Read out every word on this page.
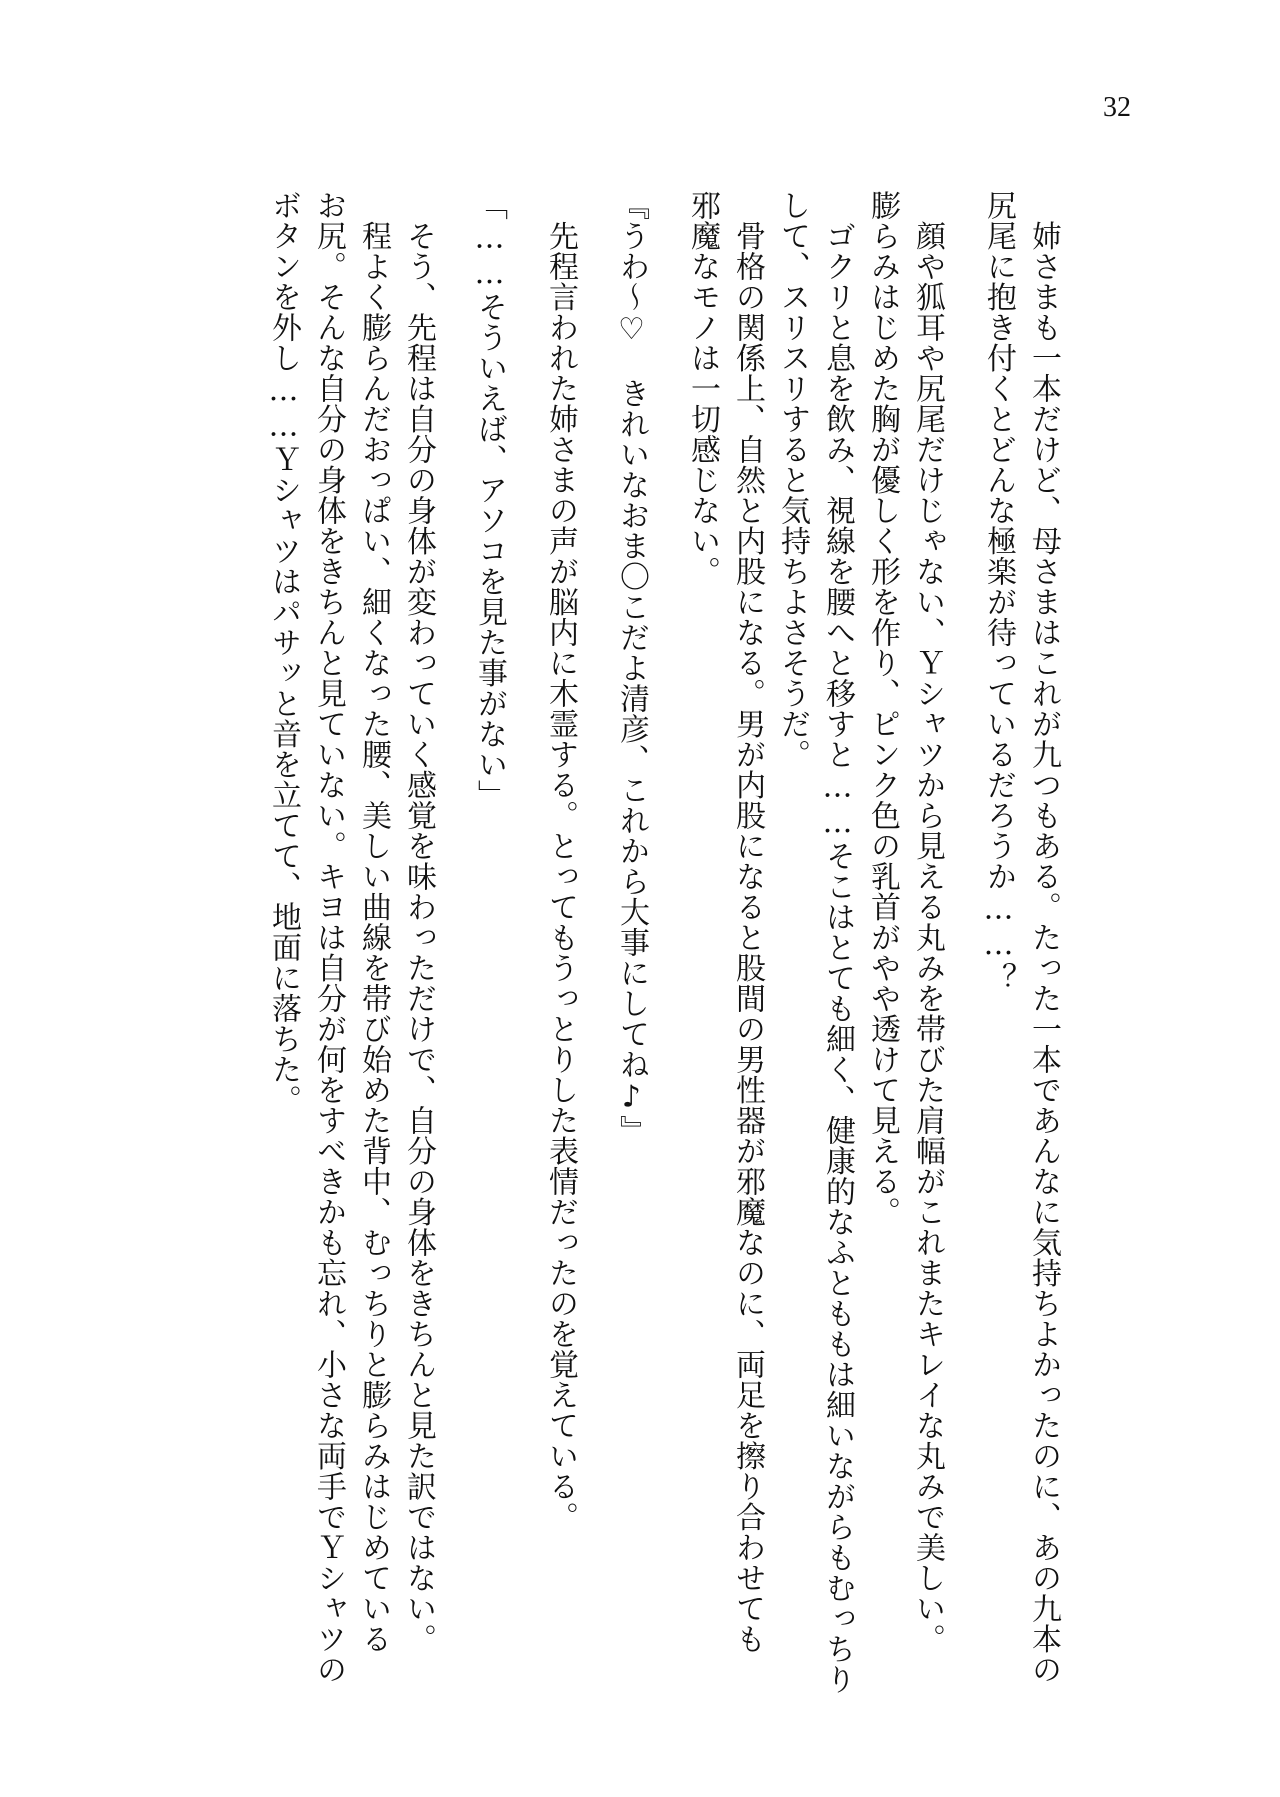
32
　姉さまも一本だけど、母さまはこれが九つもある。たった一本であんなに気持ちよかったのに、あの九本の
尻尾に抱き付くとどんな極楽が待っているだろうか……？
　顔や狐耳や尻尾だけじゃない、Ｙシャツから見える丸みを帯びた肩幅がこれまたキレイな丸みで美しい。
膨らみはじめた胸が優しく形を作り、ピンク色の乳首がやや透けて見える。
　ゴクリと息を飲み、視線を腰へと移すと……そこはとても細く、健康的なふとももは細いながらもむっちり
して、スリスリすると気持ちよさそうだ。
　骨格の関係上、自然と内股になる。男が内股になると股間の男性器が邪魔なのに、両足を擦り合わせても
邪魔なモノは一切感じない。
『うわ～♡　きれいなおま〇こだよ清彦、これから大事にしてね♪』
　先程言われた姉さまの声が脳内に木霊する。とってもうっとりした表情だったのを覚えている。
「……そういえば、アソコを見た事がない」
　そう、先程は自分の身体が変わっていく感覚を味わっただけで、自分の身体をきちんと見た訳ではない。
　程よく膨らんだおっぱい、細くなった腰、美しい曲線を帯び始めた背中、むっちりと膨らみはじめている
お尻。そんな自分の身体をきちんと見ていない。キヨは自分が何をすべきかも忘れ、小さな両手でＹシャツの
ボタンを外し……Ｙシャツはパサッと音を立てて、地面に落ちた。
